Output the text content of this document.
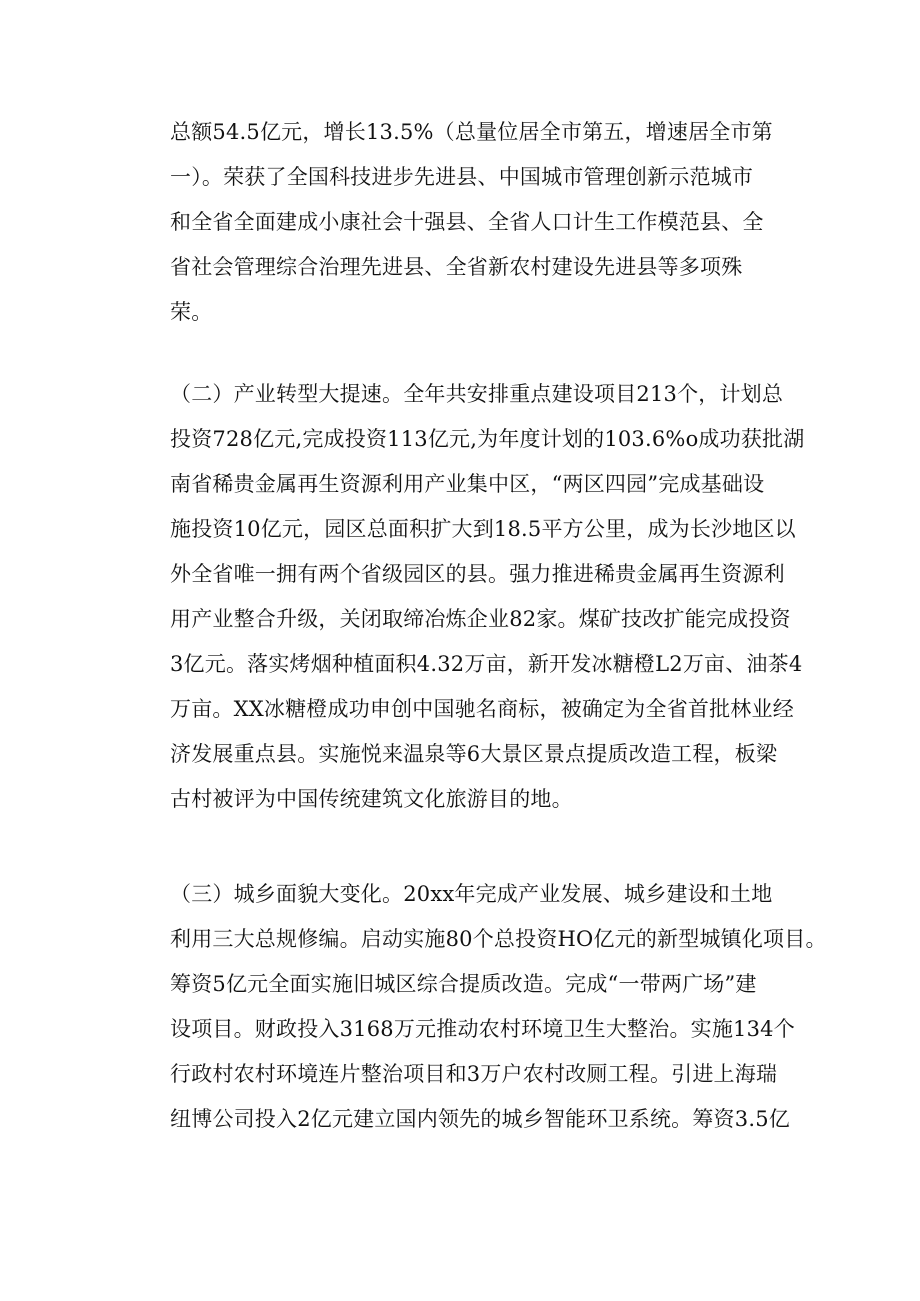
总额54.5亿元，增长13.5%（总量位居全市第五，增速居全市第
一）。荣获了全国科技进步先进县、中国城市管理创新示范城市
和全省全面建成小康社会十强县、全省人口计生工作模范县、全
省社会管理综合治理先进县、全省新农村建设先进县等多项殊
荣。
（二）产业转型大提速。全年共安排重点建设项目213个，计划总
投资728亿元,完成投资113亿元,为年度计划的103.6%o成功获批湖
南省稀贵金属再生资源利用产业集中区，“两区四园”完成基础设
施投资10亿元，园区总面积扩大到18.5平方公里，成为长沙地区以
外全省唯一拥有两个省级园区的县。强力推进稀贵金属再生资源利
用产业整合升级，关闭取缔冶炼企业82家。煤矿技改扩能完成投资
3亿元。落实烤烟种植面积4.32万亩，新开发冰糖橙L2万亩、油茶4
万亩。XX冰糖橙成功申创中国驰名商标，被确定为全省首批林业经
济发展重点县。实施悦来温泉等6大景区景点提质改造工程，板梁
古村被评为中国传统建筑文化旅游目的地。
（三）城乡面貌大变化。20xx年完成产业发展、城乡建设和土地
利用三大总规修编。启动实施80个总投资HO亿元的新型城镇化项目。
筹资5亿元全面实施旧城区综合提质改造。完成“一带两广场”建
设项目。财政投入3168万元推动农村环境卫生大整治。实施134个
行政村农村环境连片整治项目和3万户农村改厕工程。引进上海瑞
纽博公司投入2亿元建立国内领先的城乡智能环卫系统。筹资3.5亿
